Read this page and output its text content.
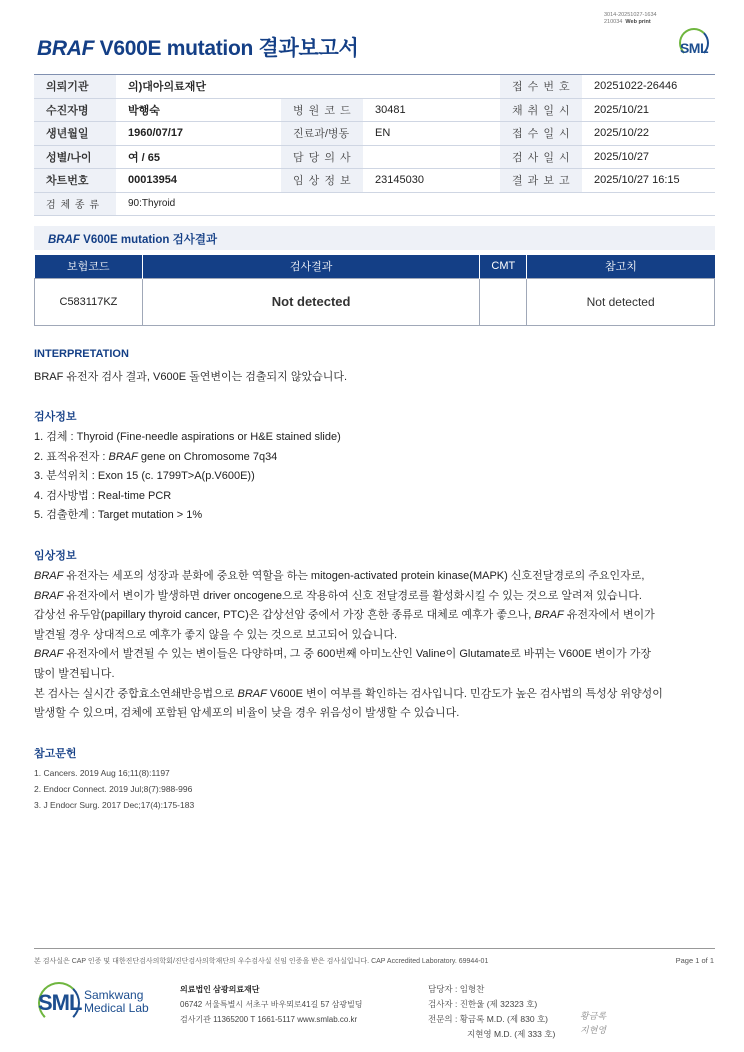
3014-20251027-1634
210034 Web print
BRAF V600E mutation 결과보고서	SML
의뢰기관	의)대아의료재단			접 수 번 호	20251022-26446
수진자명	박행숙	병 원 코 드	30481	채 취 일 시	2025/10/21
생년월일	1960/07/17	진료과/병동	EN	접 수 일 시	2025/10/22
성별/나이	여 / 65	담 당 의 사		검 사 일 시	2025/10/27
차트번호	00013954	임 상 정 보	23145030	결 과 보 고	2025/10/27 16:15
검 체 종 류	90:Thyroid				
BRAF V600E mutation 검사결과
보험코드	검사결과	CMT	참고치
C583117KZ	Not detected		Not detected
INTERPRETATION
BRAF 유전자 검사 결과, V600E 돌연변이는 검출되지 않았습니다.
검사정보
1. 검체 : Thyroid (Fine-needle aspirations or H&E stained slide)
2. 표적유전자 : BRAF gene on Chromosome 7q34
3. 분석위치 : Exon 15 (c. 1799T>A(p.V600E))
4. 검사방법 : Real-time PCR
5. 검출한계 : Target mutation > 1%
임상정보
BRAF 유전자는 세포의 성장과 분화에 중요한 역할을 하는 mitogen-activated protein kinase(MAPK) 신호전달경로의 주요인자로,
BRAF 유전자에서 변이가 발생하면 driver oncogene으로 작용하여 신호 전달경로를 활성화시킬 수 있는 것으로 알려져 있습니다.
갑상선 유두암(papillary thyroid cancer, PTC)은 갑상선암 중에서 가장 흔한 종류로 대체로 예후가 좋으나, BRAF 유전자에서 변이가
발견될 경우 상대적으로 예후가 좋지 않을 수 있는 것으로 보고되어 있습니다.
BRAF 유전자에서 발견될 수 있는 변이들은 다양하며, 그 중 600번째 아미노산인 Valine이 Glutamate로 바뀌는 V600E 변이가 가장
많이 발견됩니다.
본 검사는 실시간 중합효소연쇄반응법으로 BRAF V600E 변이 여부를 확인하는 검사입니다. 민감도가 높은 검사법의 특성상 위양성이
발생할 수 있으며, 검체에 포함된 암세포의 비율이 낮을 경우 위음성이 발생할 수 있습니다.
참고문헌
1. Cancers. 2019 Aug 16;11(8):1197
2. Endocr Connect. 2019 Jul;8(7):988-996
3. J Endocr Surg. 2017 Dec;17(4):175-183
본 검사실은 CAP 인증 및 대한진단검사의학회/진단검사의학재단의 우수검사실 신임 인증을 받은 검사실입니다. CAP Accredited Laboratory. 69944-01	Page 1 of 1
SML Samkwang
Medical Lab
의료법인 삼광의료재단
06742 서울특별시 서초구 바우뫼로41길 57 삼광빌딩
검사기관 11365200 T 1661-5117 www.smlab.co.kr
담당자 : 임형찬
검사자 : 진한울 (제 32323 호)
전문의 : 황금록 M.D. (제 830 호)
지현영 M.D. (제 333 호)
황금록
지현영
